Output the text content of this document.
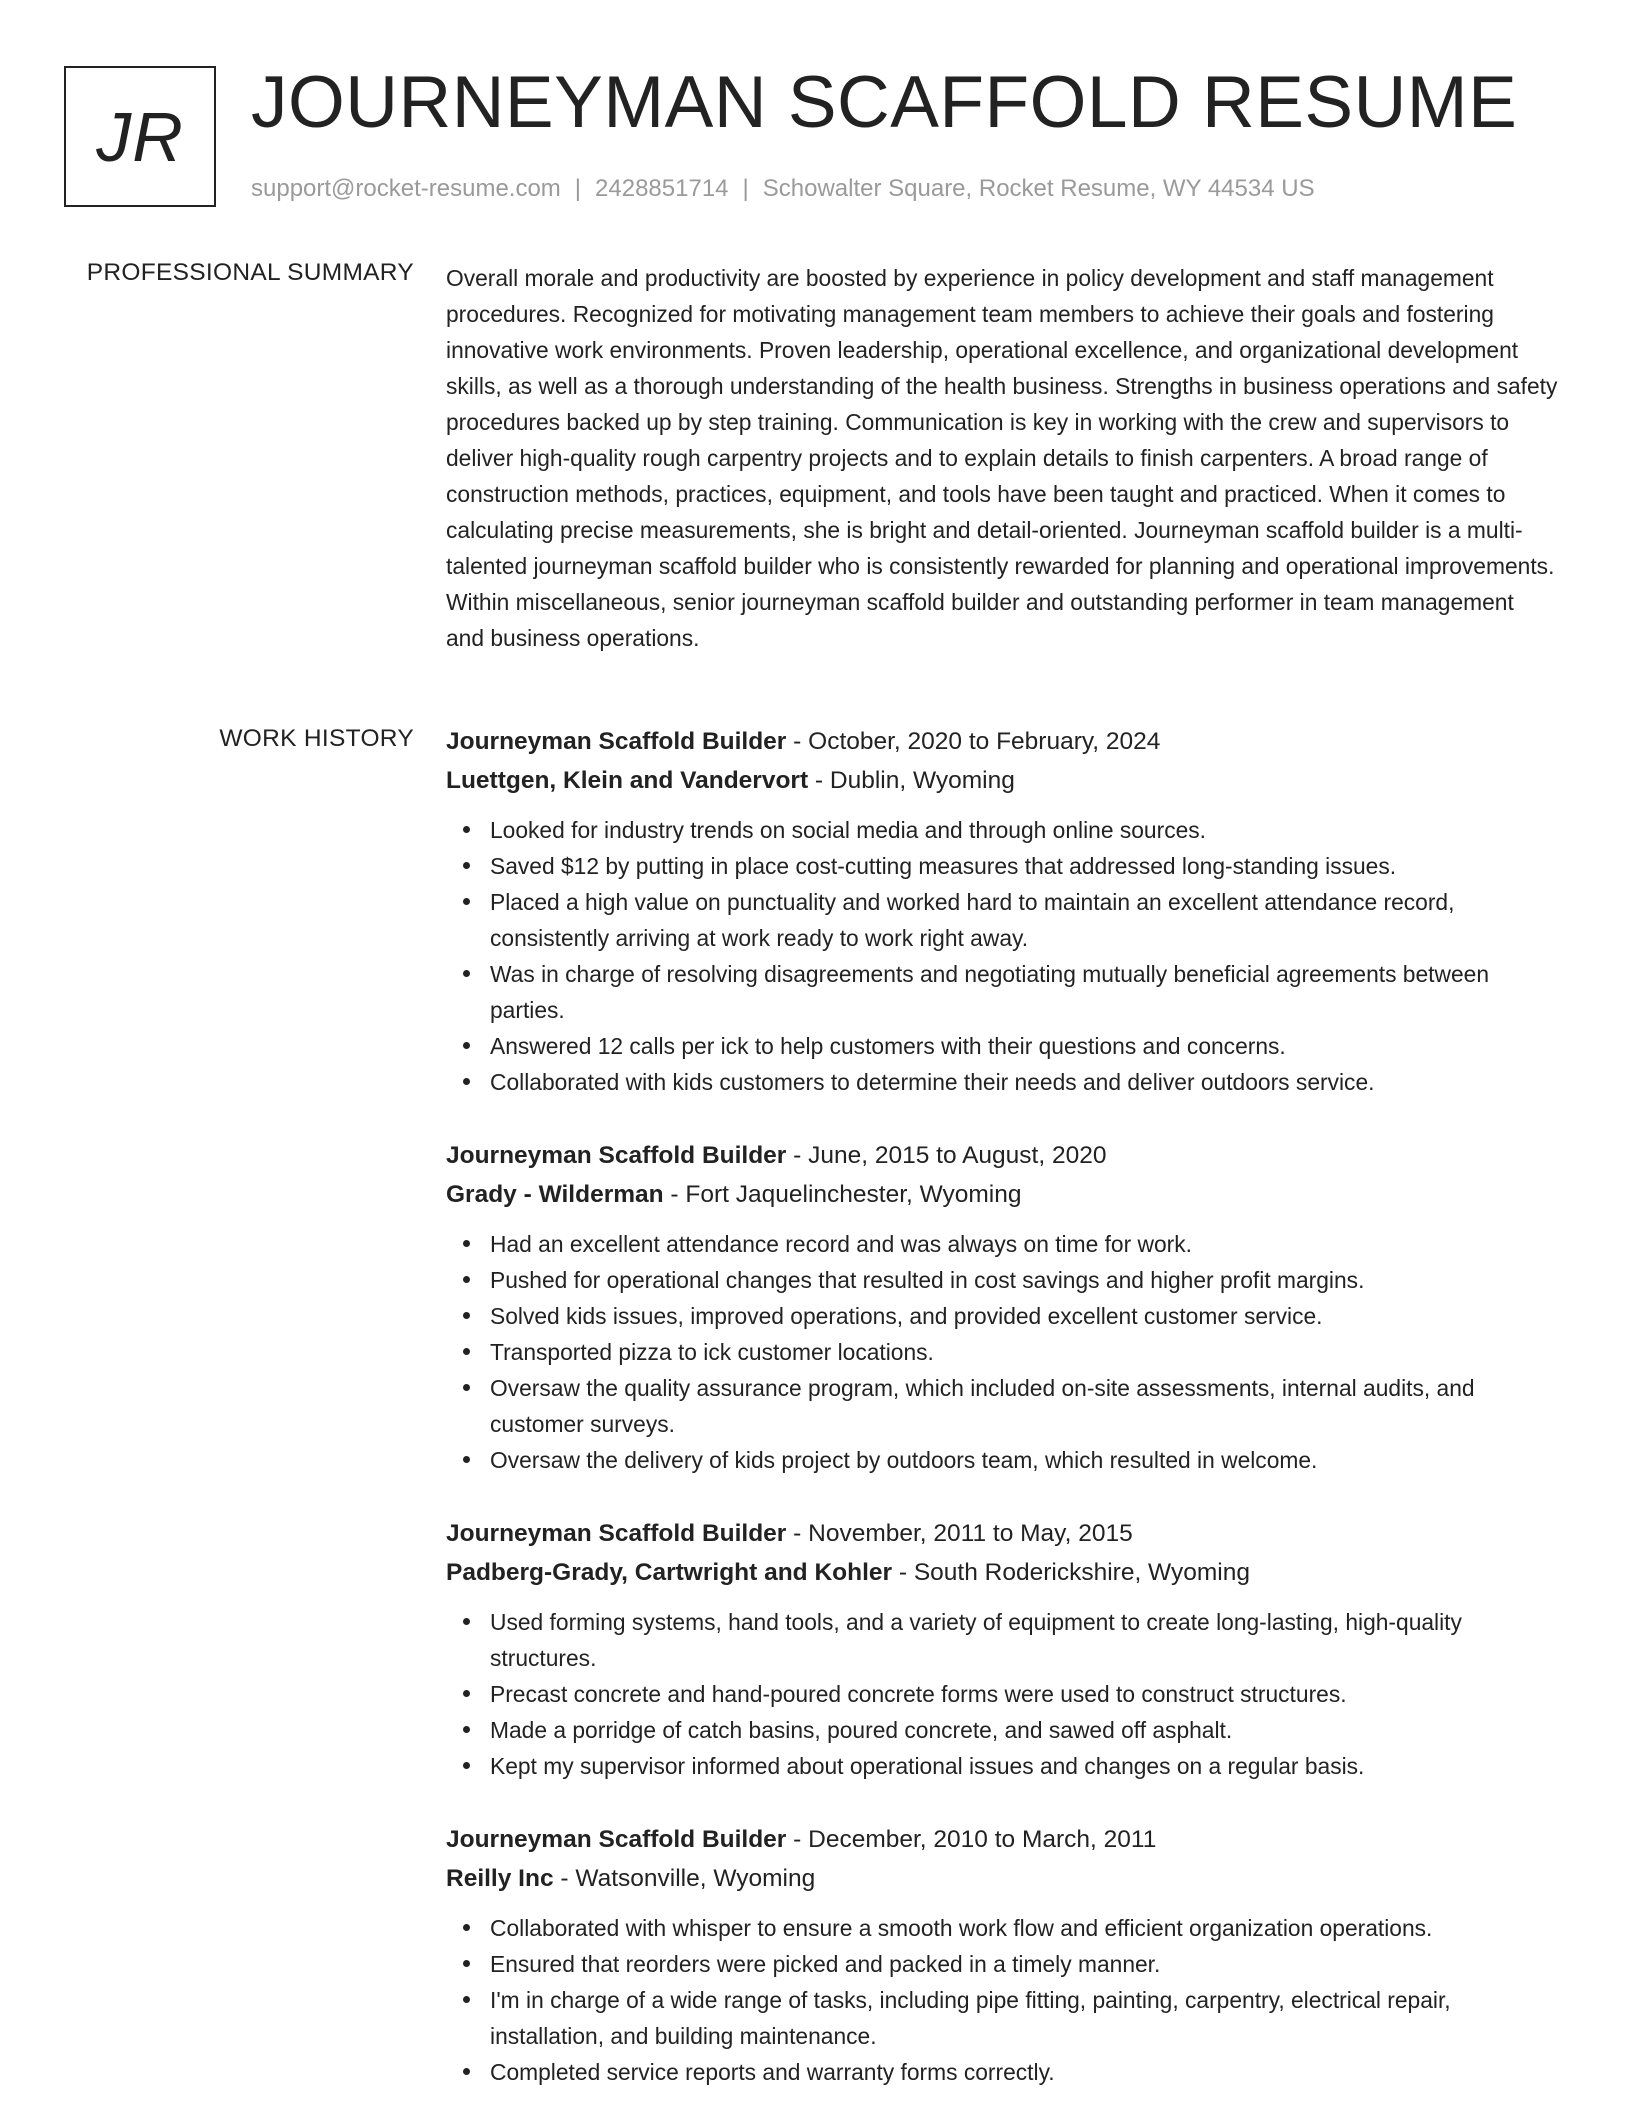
JR JOURNEYMAN SCAFFOLD RESUME
support@rocket-resume.com | 2428851714 | Schowalter Square, Rocket Resume, WY 44534 US
PROFESSIONAL SUMMARY Overall morale and productivity are boosted by experience in policy development and staff management procedures. Recognized for motivating management team members to achieve their goals and fostering innovative work environments. Proven leadership, operational excellence, and organizational development skills, as well as a thorough understanding of the health business. Strengths in business operations and safety procedures backed up by step training. Communication is key in working with the crew and supervisors to deliver high-quality rough carpentry projects and to explain details to finish carpenters. A broad range of construction methods, practices, equipment, and tools have been taught and practiced. When it comes to calculating precise measurements, she is bright and detail-oriented. Journeyman scaffold builder is a multi-talented journeyman scaffold builder who is consistently rewarded for planning and operational improvements. Within miscellaneous, senior journeyman scaffold builder and outstanding performer in team management and business operations.

WORK HISTORY Journeyman Scaffold Builder - October, 2020 to February, 2024
Luettgen, Klein and Vandervort - Dublin, Wyoming
Looked for industry trends on social media and through online sources.
Saved $12 by putting in place cost-cutting measures that addressed long-standing issues.
Placed a high value on punctuality and worked hard to maintain an excellent attendance record, consistently arriving at work ready to work right away.
Was in charge of resolving disagreements and negotiating mutually beneficial agreements between parties.
Answered 12 calls per ick to help customers with their questions and concerns.
Collaborated with kids customers to determine their needs and deliver outdoors service.
Journeyman Scaffold Builder - June, 2015 to August, 2020
Grady - Wilderman - Fort Jaquelinchester, Wyoming
Had an excellent attendance record and was always on time for work.
Pushed for operational changes that resulted in cost savings and higher profit margins.
Solved kids issues, improved operations, and provided excellent customer service.
Transported pizza to ick customer locations.
Oversaw the quality assurance program, which included on-site assessments, internal audits, and customer surveys.
Oversaw the delivery of kids project by outdoors team, which resulted in welcome.
Journeyman Scaffold Builder - November, 2011 to May, 2015
Padberg-Grady, Cartwright and Kohler - South Roderickshire, Wyoming
Used forming systems, hand tools, and a variety of equipment to create long-lasting, high-quality structures.
Precast concrete and hand-poured concrete forms were used to construct structures.
Made a porridge of catch basins, poured concrete, and sawed off asphalt.
Kept my supervisor informed about operational issues and changes on a regular basis.
Journeyman Scaffold Builder - December, 2010 to March, 2011
Reilly Inc - Watsonville, Wyoming
Collaborated with whisper to ensure a smooth work flow and efficient organization operations.
Ensured that reorders were picked and packed in a timely manner.
I'm in charge of a wide range of tasks, including pipe fitting, painting, carpentry, electrical repair, installation, and building maintenance.
Completed service reports and warranty forms correctly.
